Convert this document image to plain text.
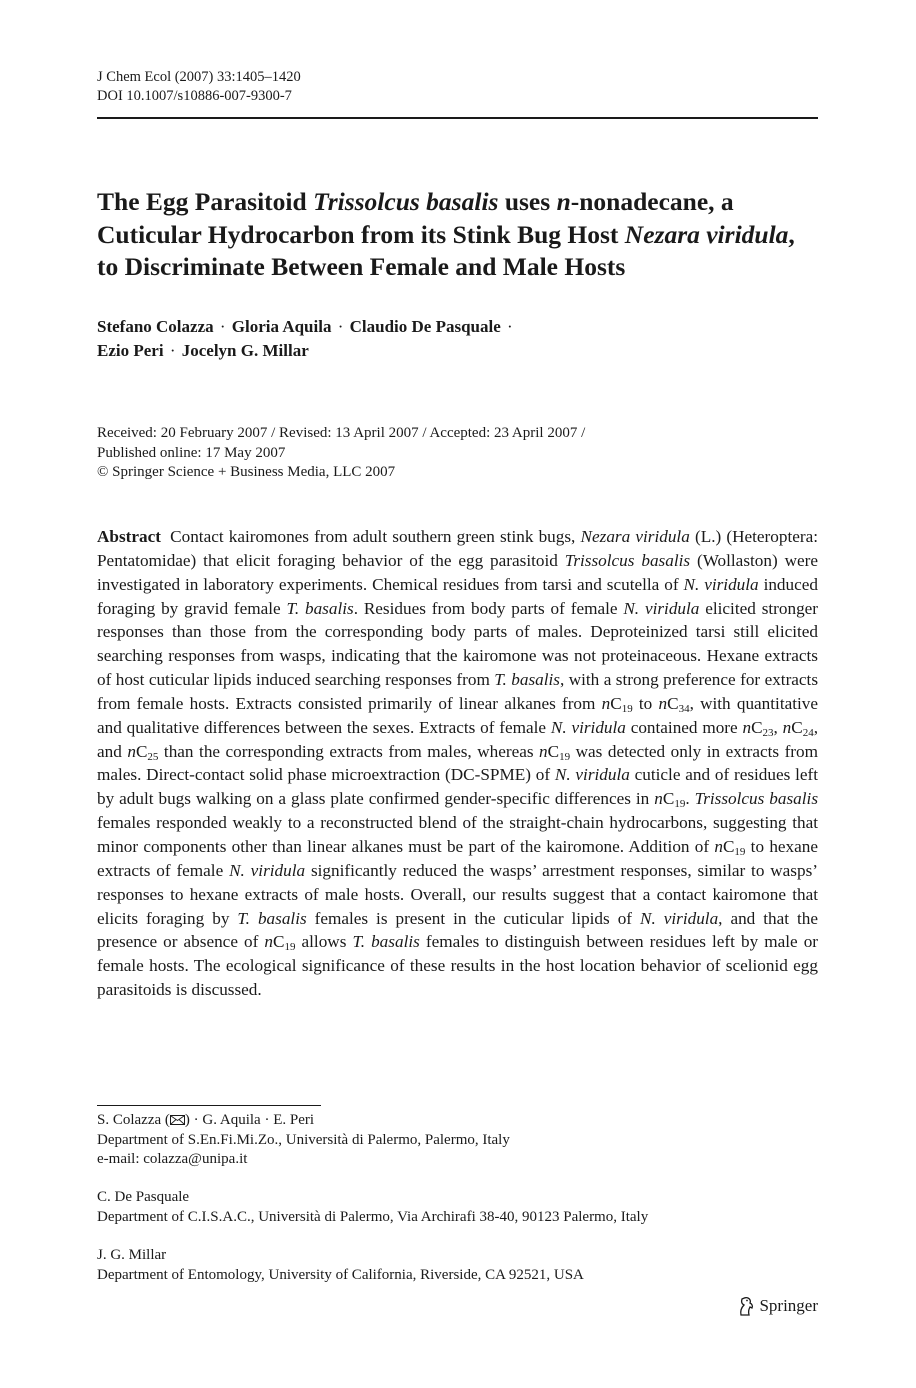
J Chem Ecol (2007) 33:1405–1420
DOI 10.1007/s10886-007-9300-7
The Egg Parasitoid Trissolcus basalis uses n-nonadecane, a Cuticular Hydrocarbon from its Stink Bug Host Nezara viridula, to Discriminate Between Female and Male Hosts
Stefano Colazza · Gloria Aquila · Claudio De Pasquale ·
Ezio Peri · Jocelyn G. Millar
Received: 20 February 2007 / Revised: 13 April 2007 / Accepted: 23 April 2007 /
Published online: 17 May 2007
© Springer Science + Business Media, LLC 2007

Abstract Contact kairomones from adult southern green stink bugs, Nezara viridula (L.) (Heteroptera: Pentatomidae) that elicit foraging behavior of the egg parasitoid Trissolcus basalis (Wollaston) were investigated in laboratory experiments. Chemical residues from tarsi and scutella of N. viridula induced foraging by gravid female T. basalis. Residues from body parts of female N. viridula elicited stronger responses than those from the corresponding body parts of males. Deproteinized tarsi still elicited searching responses from wasps, indicating that the kairomone was not proteinaceous. Hexane extracts of host cuticular lipids induced searching responses from T. basalis, with a strong preference for extracts from female hosts. Extracts consisted primarily of linear alkanes from $nC_{19}$ to $nC_{34}$, with quantitative and qualitative differences between the sexes. Extracts of female N. viridula contained more $nC_{23}$, $nC_{24}$, and $nC_{25}$ than the corresponding extracts from males, whereas $nC_{19}$ was detected only in extracts from males. Direct-contact solid phase microextraction (DC-SPME) of N. viridula cuticle and of residues left by adult bugs walking on a glass plate confirmed gender-specific differences in $nC_{19}$. Trissolcus basalis females responded weakly to a reconstructed blend of the straight-chain hydrocarbons, suggesting that minor components other than linear alkanes must be part of the kairomone. Addition of $nC_{19}$ to hexane extracts of female N. viridula significantly reduced the wasps’ arrestment responses, similar to wasps’ responses to hexane extracts of male hosts. Overall, our results suggest that a contact kairomone that elicits foraging by T. basalis females is present in the cuticular lipids of N. viridula, and that the presence or absence of $nC_{19}$ allows T. basalis females to distinguish between residues left by male or female hosts. The ecological significance of these results in the host location behavior of scelionid egg parasitoids is discussed.

S. Colazza ( ) · G. Aquila · E. Peri
Department of S.En.Fi.Mi.Zo., Università di Palermo, Palermo, Italy
e-mail: colazza@unipa.it
C. De Pasquale
Department of C.I.S.A.C., Università di Palermo, Via Archirafi 38-40, 90123 Palermo, Italy
J. G. Millar
Department of Entomology, University of California, Riverside, CA 92521, USA
Springer
